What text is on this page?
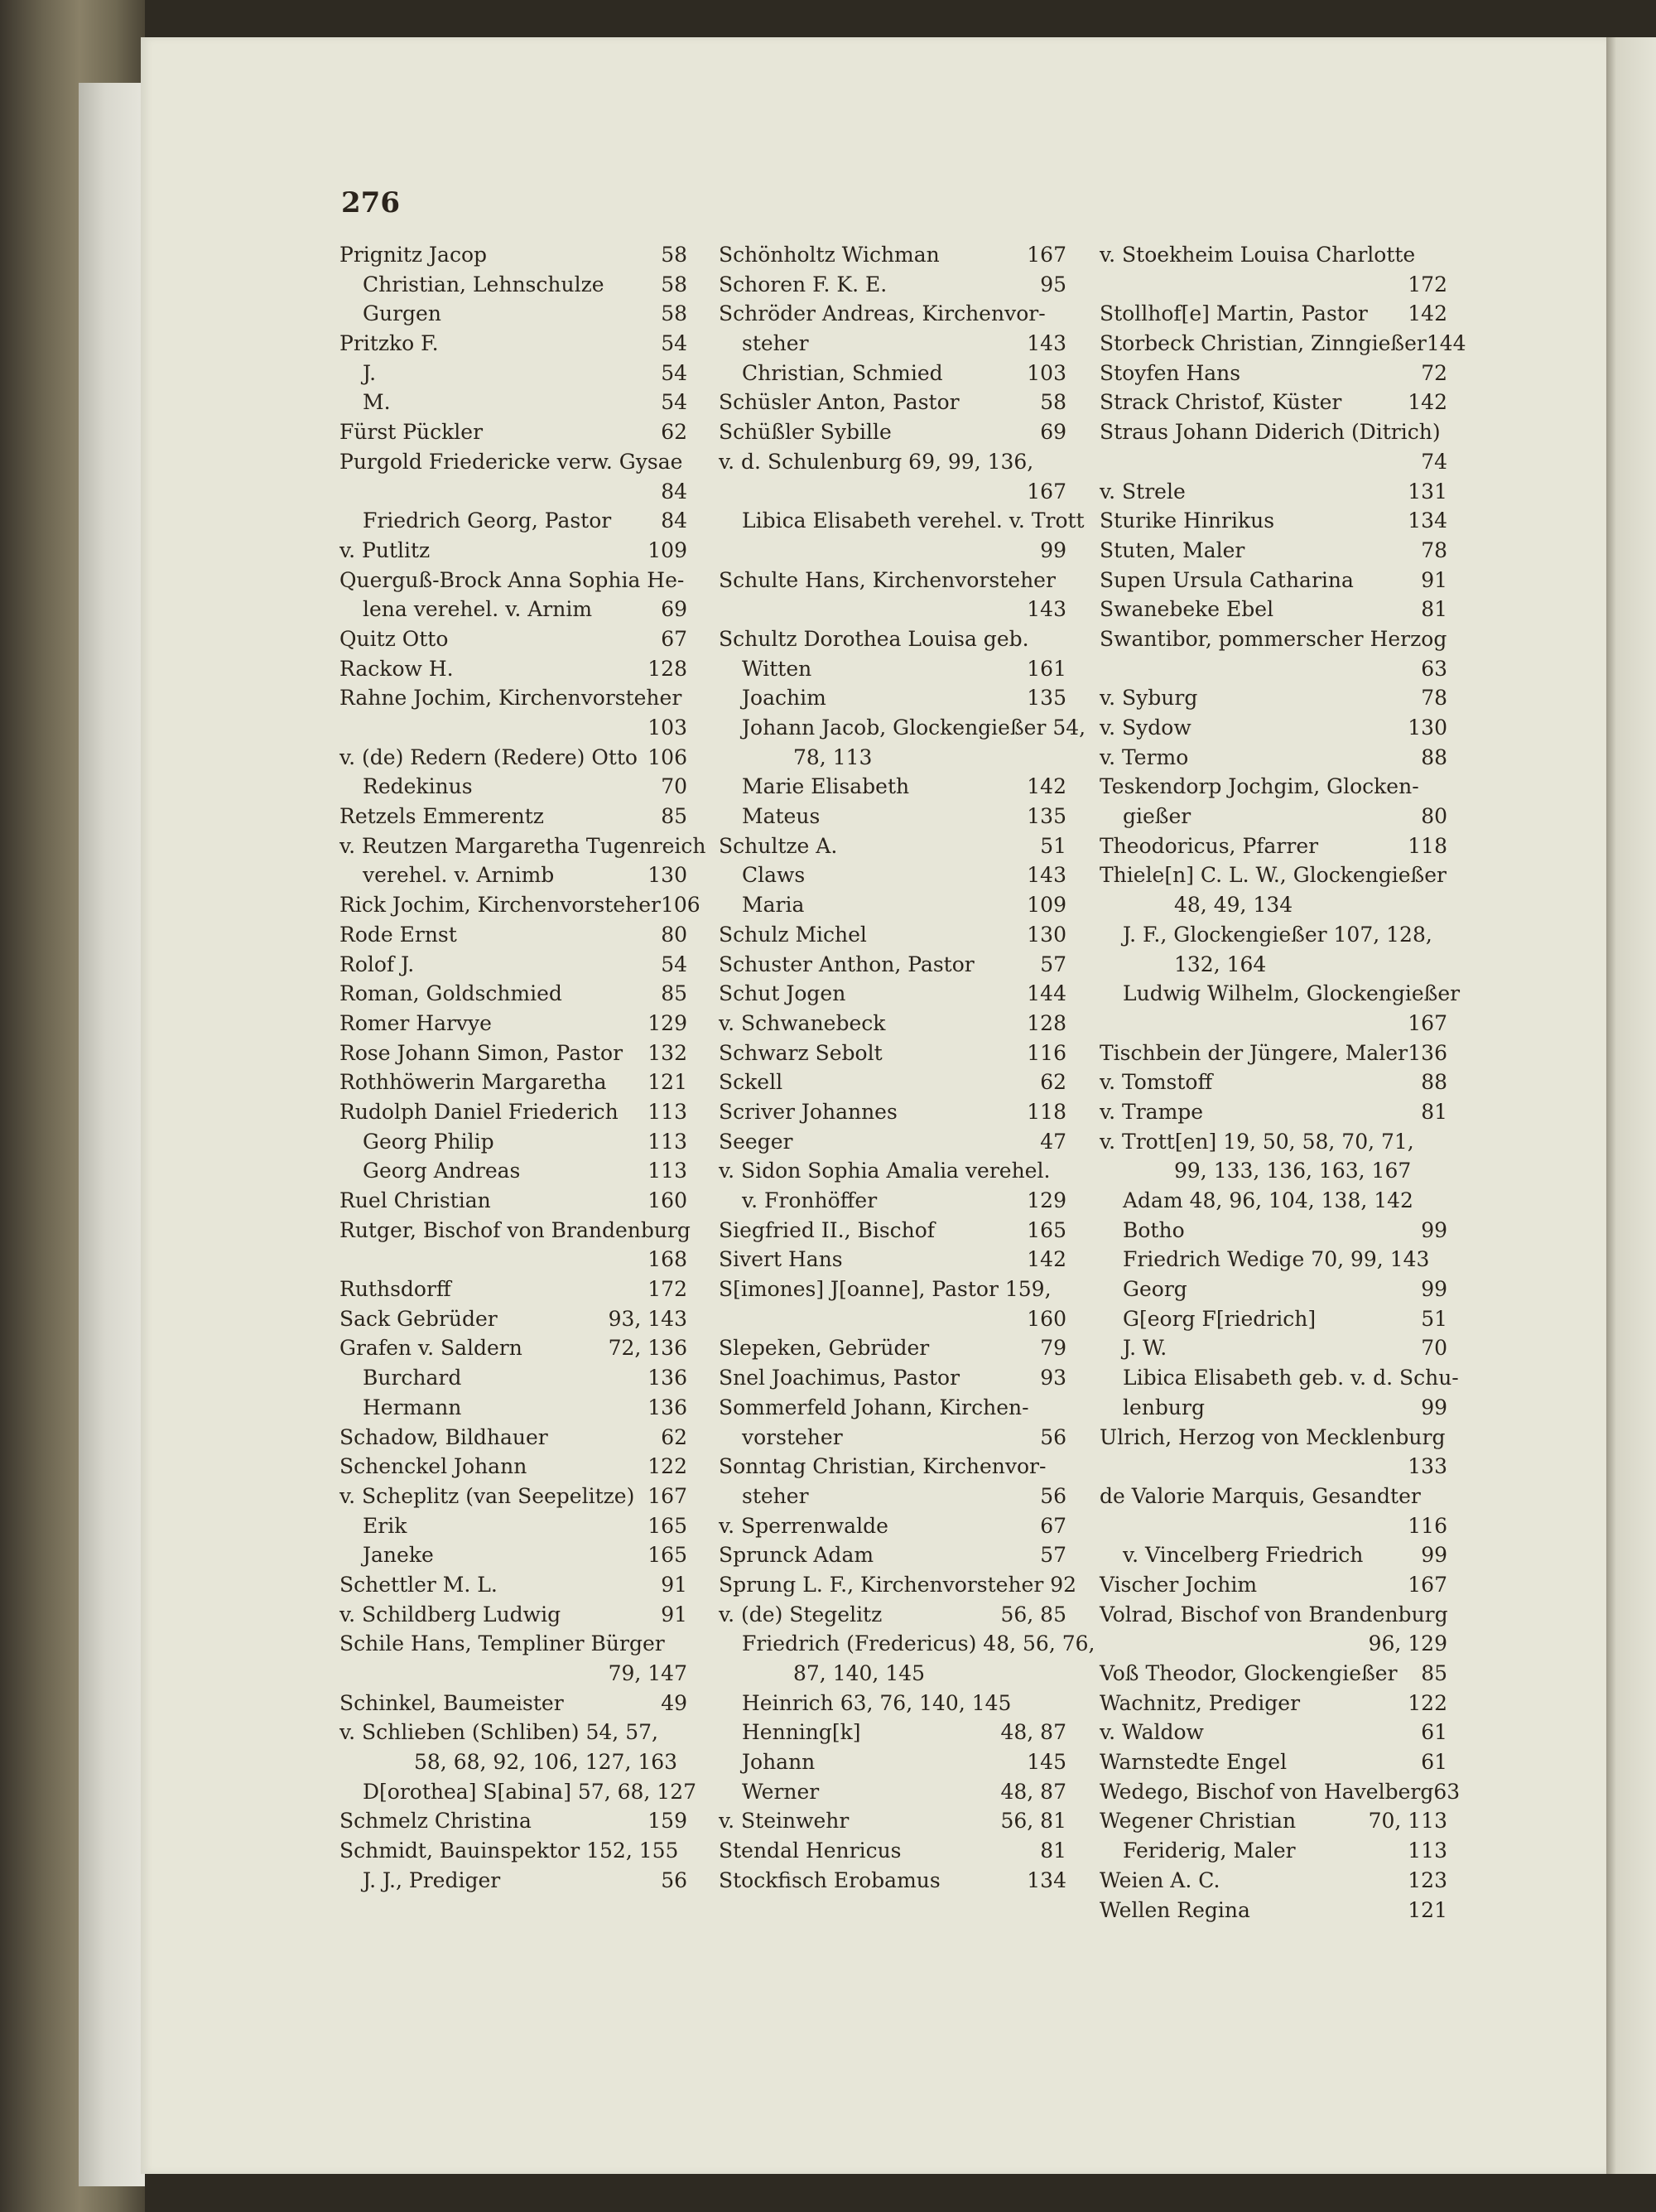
276
Prignitz Jacop	58
Christian, Lehnschulze	58
Gurgen	58
Pritzko F.	54
J.	54
M.	54
Fürst Pückler	62
Purgold Friedericke verw. Gysae
84
Friedrich Georg, Pastor 84
v. Putlitz	109
Querguß-Brock Anna Sophia He-
lena verehel. v. Arnim	69
Quitz Otto	67
Rackow H.	128
Rahne Jochim, Kirchenvorsteher
103
v. (de) Redern (Redere) Otto 106
Redekinus	70
Retzels Emmerentz	85
v. Reutzen Margaretha Tugenreich
verehel. v. Arnimb	130
Rick Jochim, Kirchenvorsteher 106
Rode Ernst	80
Rolof J.	54
Roman, Goldschmied	85
Romer Harvye	129
Rose Johann Simon, Pastor 132
Rothhöwerin Margaretha 121
Rudolph Daniel Friederich 113
Georg Philip	113
Georg Andreas	113
Ruel Christian	160
Rutger, Bischof von Brandenburg
168
Ruthsdorff	172
Sack Gebrüder	93, 143
Grafen v. Saldern	72, 136
Burchard	136
Hermann	136
Schadow, Bildhauer	62
Schenckel Johann	122
v. Scheplitz (van Seepelitze) 167
Erik	165
Janeke	165
Schettler M. L.	91
v. Schildberg Ludwig	91
Schile Hans, Templiner Bürger
79, 147
Schinkel, Baumeister	49
v. Schlieben (Schliben) 54, 57,
58, 68, 92, 106, 127, 163
D[orothea] S[abina] 57, 68, 127
Schmelz Christina	159
Schmidt, Bauinspektor 152, 155
J. J., Prediger	56
Schönholtz Wichman	167
Schoren F. K. E.	95
Schröder Andreas, Kirchenvor-
steher	143
Christian, Schmied	103
Schüsler Anton, Pastor	58
Schüßler Sybille	69
v. d. Schulenburg 69, 99, 136,
167
Libica Elisabeth verehel. v. Trott
99
Schulte Hans, Kirchenvorsteher
143
Schultz Dorothea Louisa geb.
Witten	161
Joachim	135
Johann Jacob, Glockengießer 54,
78, 113
Marie Elisabeth	142
Mateus	135
Schultze A.	51
Claws	143
Maria	109
Schulz Michel	130
Schuster Anthon, Pastor	57
Schut Jogen	144
v. Schwanebeck	128
Schwarz Sebolt	116
Sckell	62
Scriver Johannes	118
Seeger	47
v. Sidon Sophia Amalia verehel.
v. Fronhöffer	129
Siegfried II., Bischof	165
Sivert Hans	142
S[imones] J[oanne], Pastor 159,
160
Slepeken, Gebrüder	79
Snel Joachimus, Pastor	93
Sommerfeld Johann, Kirchen-
vorsteher	56
Sonntag Christian, Kirchenvor-
steher	56
v. Sperrenwalde	67
Sprunck Adam	57
Sprung L. F., Kirchenvorsteher 92
v. (de) Stegelitz	56, 85
Friedrich (Fredericus) 48, 56, 76,
87, 140, 145
Heinrich 63, 76, 140, 145
Henning[k]	48, 87
Johann	145
Werner	48, 87
v. Steinwehr	56, 81
Stendal Henricus	81
Stockfisch Erobamus	134
v. Stoekheim Louisa Charlotte
172
Stollhof[e] Martin, Pastor 142
Storbeck Christian, Zinngießer 144
Stoyfen Hans	72
Strack Christof, Küster	142
Straus Johann Diderich (Ditrich)
74
v. Strele	131
Sturike Hinrikus	134
Stuten, Maler	78
Supen Ursula Catharina	91
Swanebeke Ebel	81
Swantibor, pommerscher Herzog
63
v. Syburg	78
v. Sydow	130
v. Termo	88
Teskendorp Jochgim, Glocken-
gießer	80
Theodoricus, Pfarrer	118
Thiele[n] C. L. W., Glockengießer
48, 49, 134
J. F., Glockengießer 107, 128,
132, 164
Ludwig Wilhelm, Glockengießer
167
Tischbein der Jüngere, Maler 136
v. Tomstoff	88
v. Trampe	81
v. Trott[en] 19, 50, 58, 70, 71,
99, 133, 136, 163, 167
Adam 48, 96, 104, 138, 142
Botho	99
Friedrich Wedige 70, 99, 143
Georg	99
G[eorg F[riedrich]	51
J. W.	70
Libica Elisabeth geb. v. d. Schu-
lenburg	99
Ulrich, Herzog von Mecklenburg
133
de Valorie Marquis, Gesandter
116
v. Vincelberg Friedrich	99
Vischer Jochim	167
Volrad, Bischof von Brandenburg
96, 129
Voß Theodor, Glockengießer 85
Wachnitz, Prediger	122
v. Waldow	61
Warnstedte Engel	61
Wedego, Bischof von Havelberg 63
Wegener Christian	70, 113
Feriderig, Maler	113
Weien A. C.	123
Wellen Regina	121
